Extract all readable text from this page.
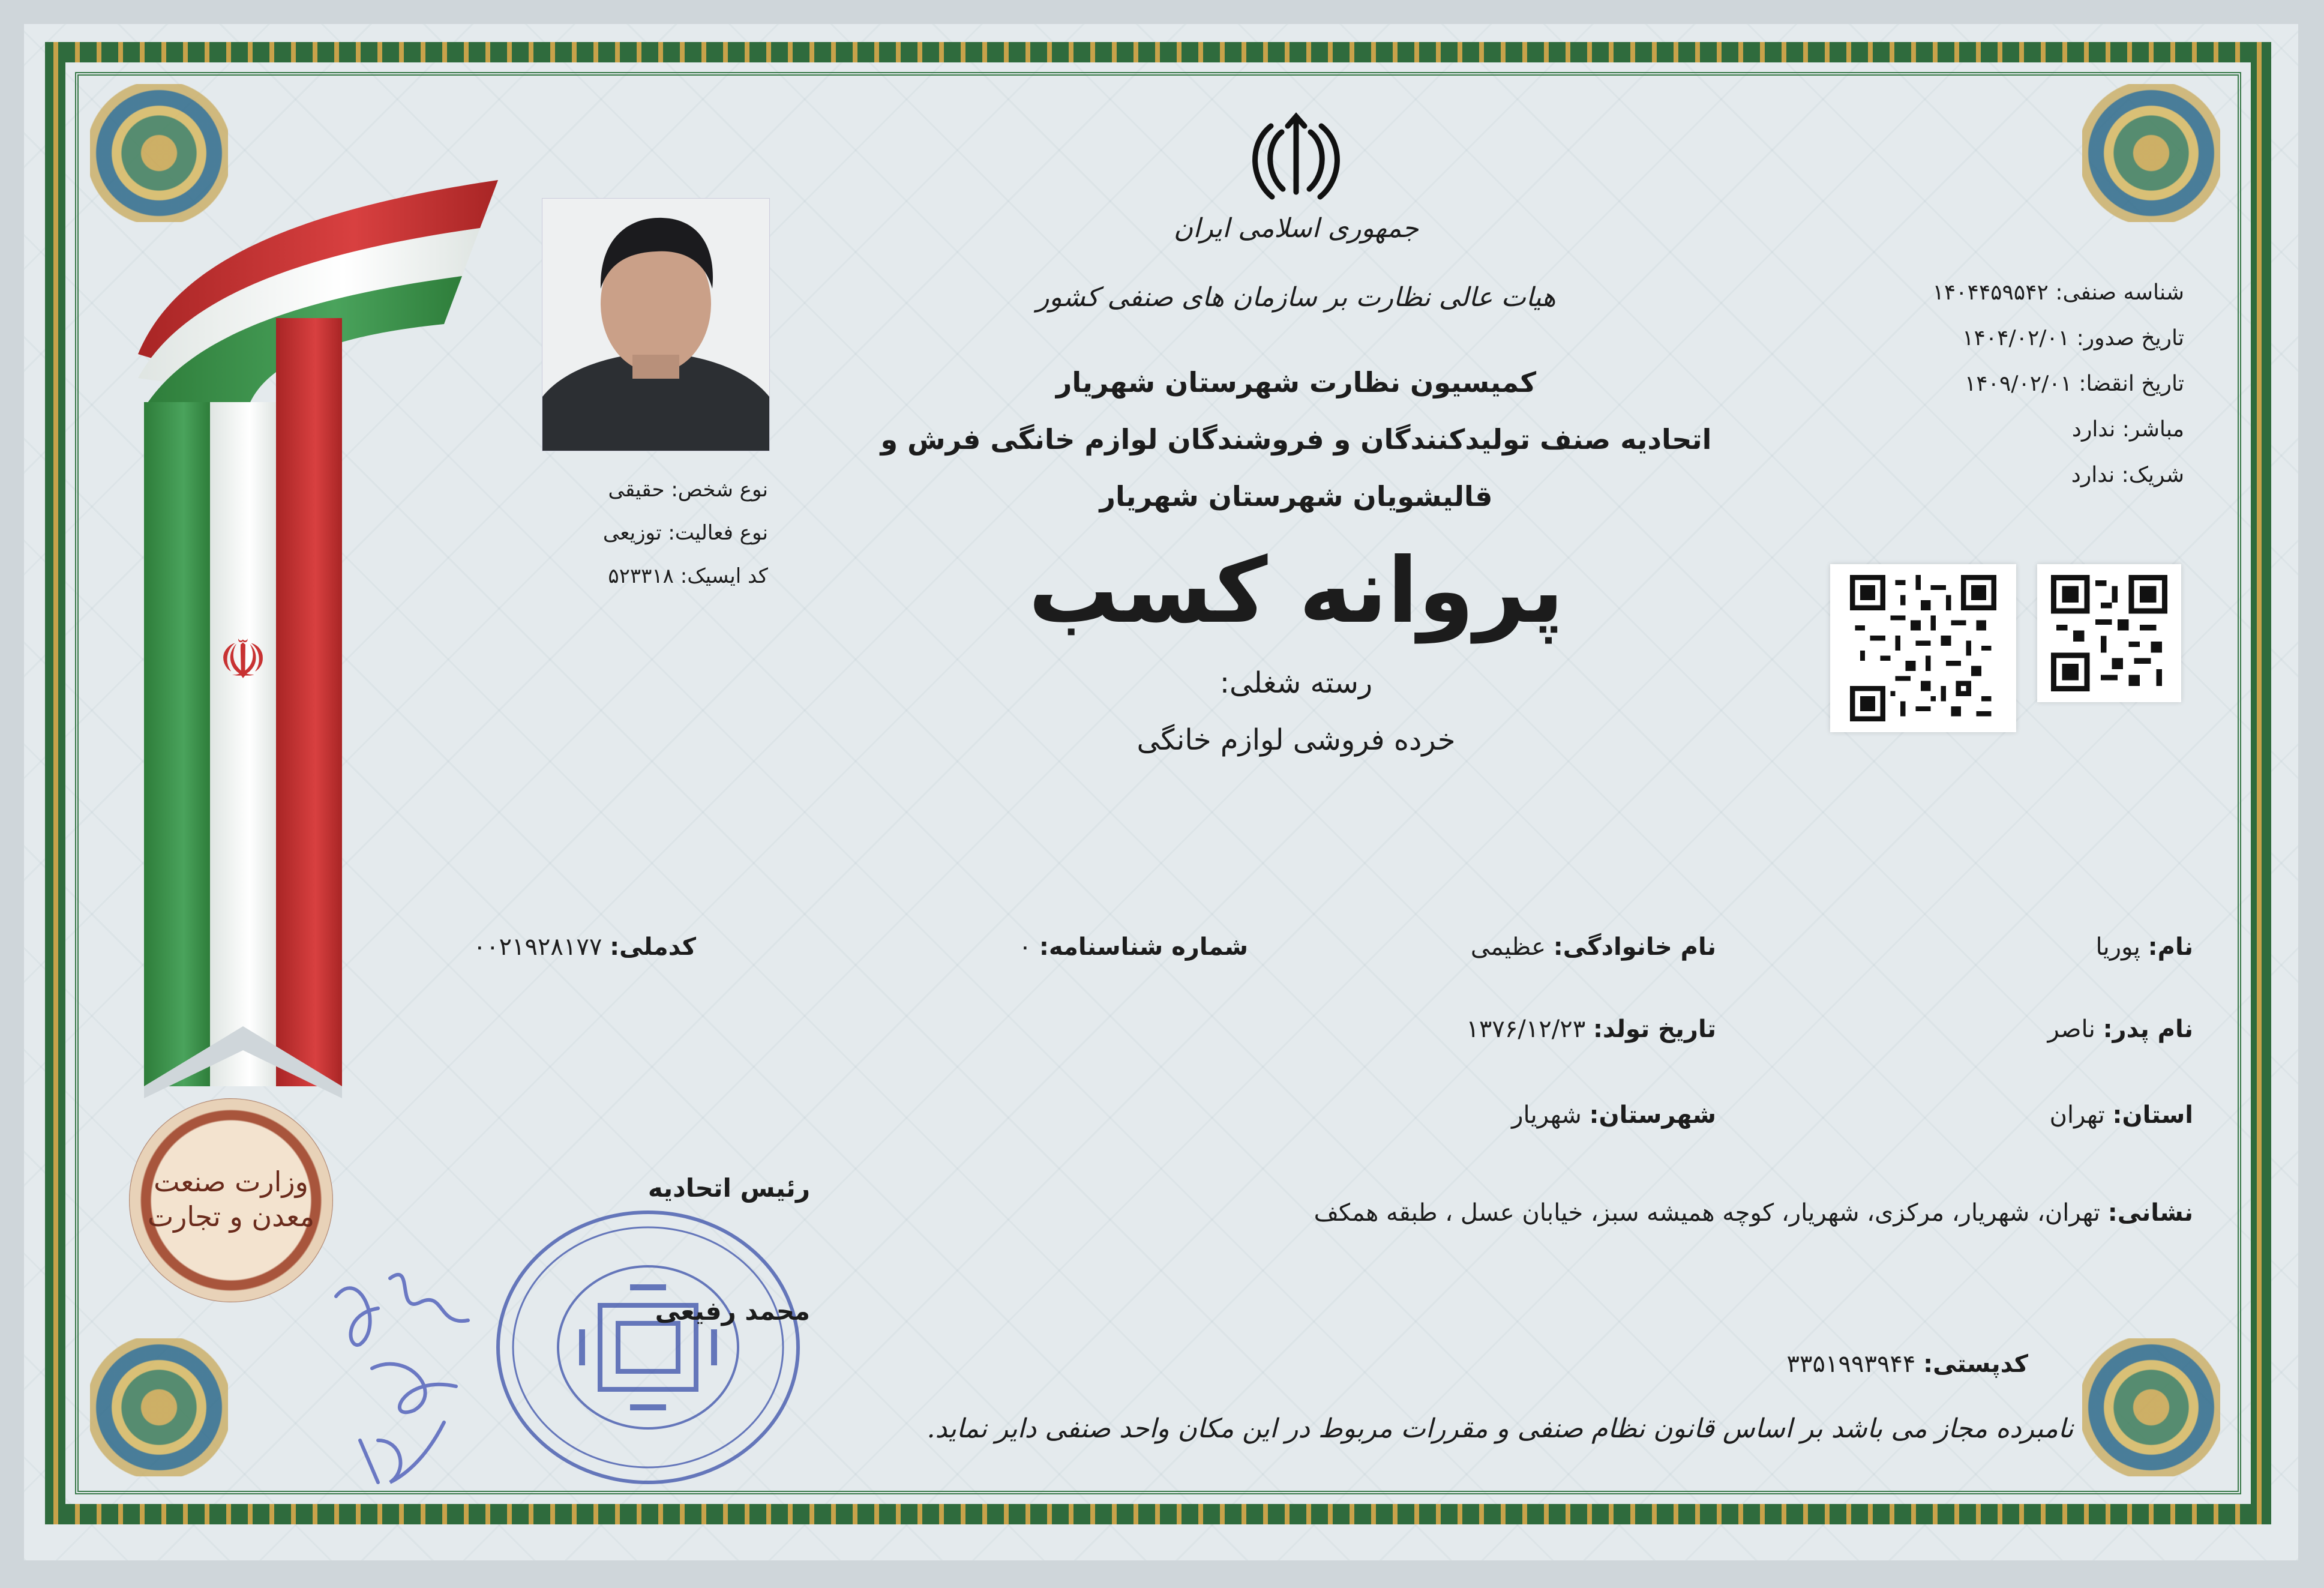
☫
وزارت صنعت معدن و تجارت
نوع شخص: حقیقی
نوع فعالیت: توزیعی
کد ایسیک: ۵۲۳۳۱۸
جمهوری اسلامی ایران
هیات عالی نظارت بر سازمان های صنفی کشور
کمیسیون نظارت شهرستان شهریار
اتحادیه صنف تولیدکنندگان و فروشندگان لوازم خانگی فرش و
قالیشویان شهرستان شهریار
پروانه کسب
رسته شغلی:
خرده فروشی لوازم خانگی
شناسه صنفی: ۱۴۰۴۴۵۹۵۴۲
تاریخ صدور: ۱۴۰۴/۰۲/۰۱
تاریخ انقضا: ۱۴۰۹/۰۲/۰۱
مباشر: ندارد
شریک: ندارد
نام: پوریا
نام خانوادگی: عظیمی
شماره شناسنامه: ۰
کدملی: ۰۰۲۱۹۲۸۱۷۷
نام پدر: ناصر
تاریخ تولد: ۱۳۷۶/۱۲/۲۳
استان: تهران
شهرستان: شهریار
نشانی: تهران، شهریار، مرکزی، شهریار، کوچه همیشه سبز، خیابان عسل ، طبقه همکف
رئیس اتحادیه
محمد رفیعی
کدپستی: ۳۳۵۱۹۹۳۹۴۴
نامبرده مجاز می باشد بر اساس قانون نظام صنفی و مقررات مربوط در این مکان واحد صنفی دایر نماید.
